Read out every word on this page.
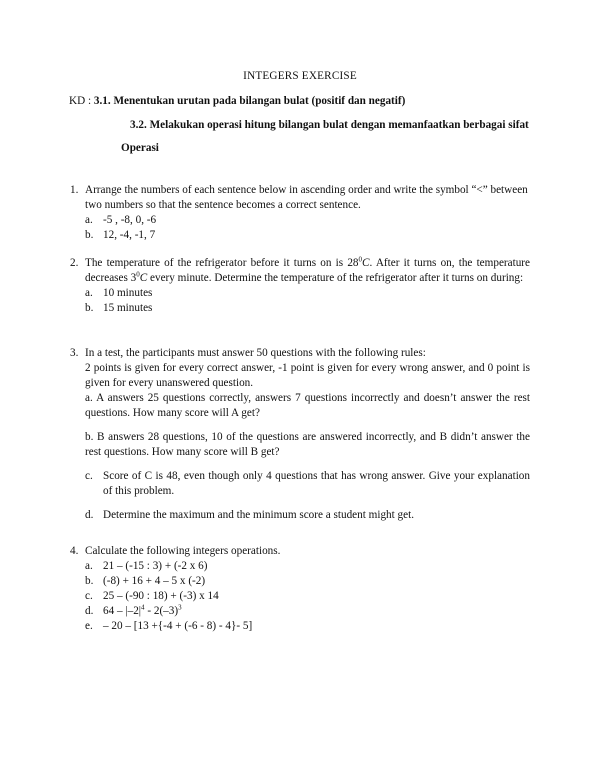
INTEGERS EXERCISE
KD : 3.1. Menentukan urutan pada bilangan bulat (positif dan negatif)
3.2. Melakukan operasi hitung bilangan bulat dengan memanfaatkan berbagai sifat
Operasi
1. Arrange the numbers of each sentence below in ascending order and write the symbol “<” between two numbers so that the sentence becomes a correct sentence.
a. -5 , -8, 0, -6
b. 12, -4, -1, 7
2. The temperature of the refrigerator before it turns on is $28^0C$. After it turns on, the temperature decreases $3^0C$ every minute. Determine the temperature of the refrigerator after it turns on during:
a. 10 minutes
b. 15 minutes
3. In a test, the participants must answer 50 questions with the following rules:
2 points is given for every correct answer, -1 point is given for every wrong answer, and 0 point is given for every unanswered question.
a. A answers 25 questions correctly, answers 7 questions incorrectly and doesn’t answer the rest questions. How many score will A get?
b. B answers 28 questions, 10 of the questions are answered incorrectly, and B didn’t answer the rest questions. How many score will B get?
c. Score of C is 48, even though only 4 questions that has wrong answer. Give your explanation of this problem.
d. Determine the maximum and the minimum score a student might get.
4. Calculate the following integers operations.
a. 21 – (-15 : 3) + (-2 x 6)
b. (-8) + 16 + 4 – 5 x (-2)
c. 25 – (-90 : 18) + (-3) x 14
d. $64 - |-2|^4 - 2(-3)^3$
e. – 20 – [13 +{-4 + (-6 - 8) - 4}- 5]
